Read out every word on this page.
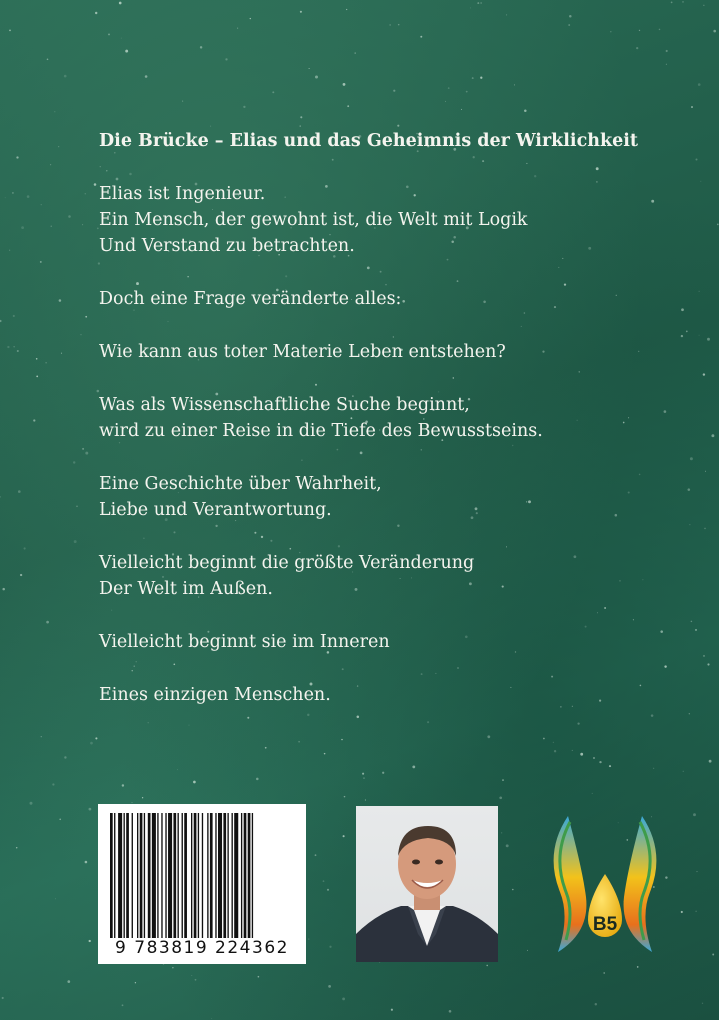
Die Brücke – Elias und das Geheimnis der Wirklichkeit
Elias ist Ingenieur.
Ein Mensch, der gewohnt ist, die Welt mit Logik
Und Verstand zu betrachten.
Doch eine Frage veränderte alles:
Wie kann aus toter Materie Leben entstehen?
Was als Wissenschaftliche Suche beginnt,
wird zu einer Reise in die Tiefe des Bewusstseins.
Eine Geschichte über Wahrheit,
Liebe und Verantwortung.
Vielleicht beginnt die größte Veränderung
Der Welt im Außen.
Vielleicht beginnt sie im Inneren
Eines einzigen Menschen.
9 783819 224362
B5
